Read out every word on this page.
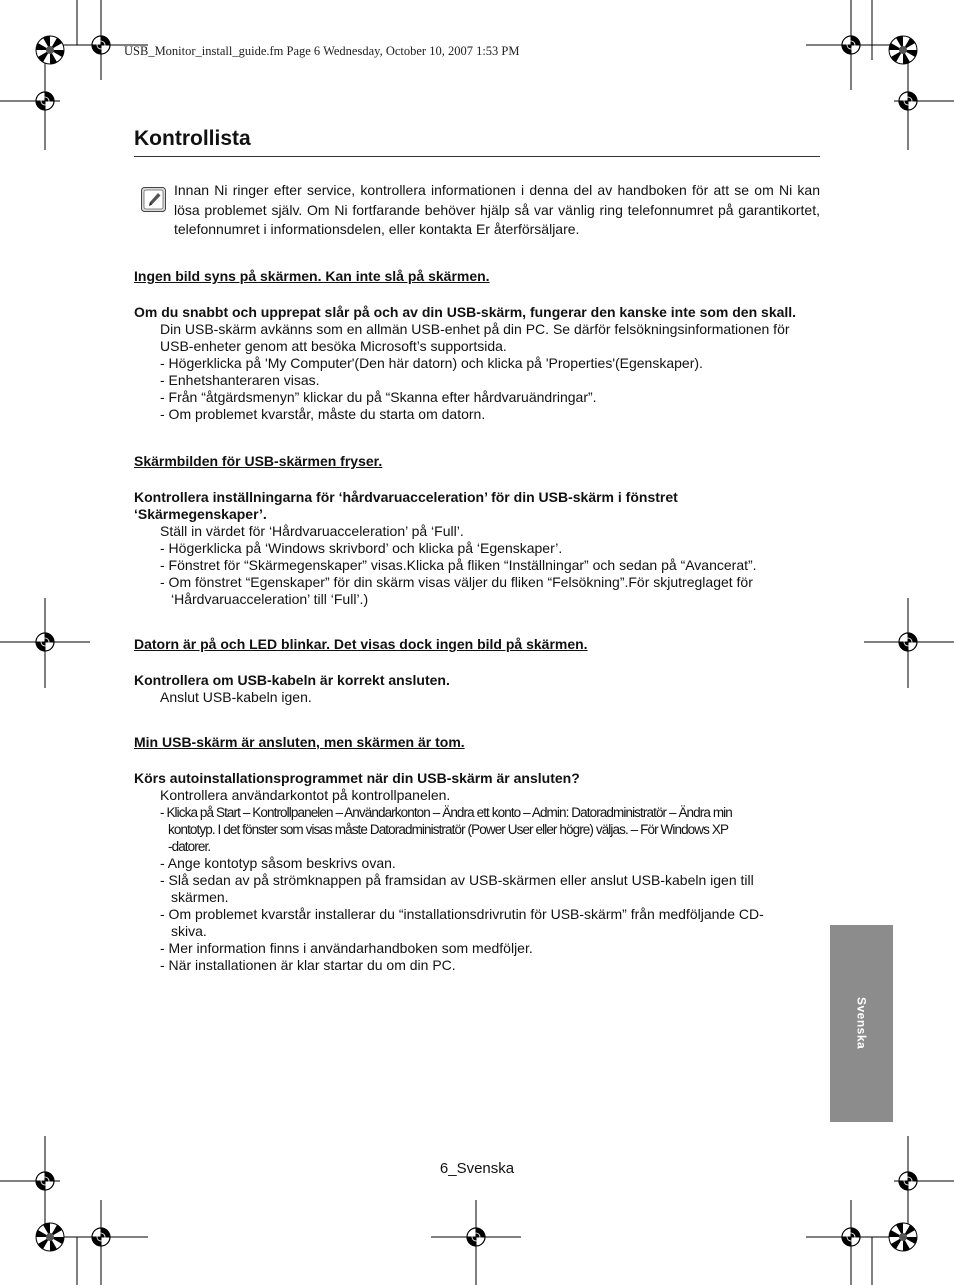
USB_Monitor_install_guide.fm Page 6 Wednesday, October 10, 2007 1:53 PM
Kontrollista

Innan Ni ringer efter service, kontrollera informationen i denna del av handboken för att se om Ni kan lösa problemet själv. Om Ni fortfarande behöver hjälp så var vänlig ring telefonnumret på garantikortet, telefonnumret i informationsdelen, eller kontakta Er återförsäljare.

Ingen bild syns på skärmen. Kan inte slå på skärmen.

Om du snabbt och upprepat slår på och av din USB-skärm, fungerar den kanske inte som den skall.

Din USB-skärm avkänns som en allmän USB-enhet på din PC. Se därför felsökningsinformationen för USB-enheter genom att besöka Microsoft’s supportsida.

- Högerklicka på 'My Computer'(Den här datorn) och klicka på 'Properties'(Egenskaper).

- Enhetshanteraren visas.

- Från “åtgärdsmenyn” klickar du på “Skanna efter hårdvaruändringar”.

- Om problemet kvarstår, måste du starta om datorn.

Skärmbilden för USB-skärmen fryser.

Kontrollera inställningarna för ‘hårdvaruacceleration’ för din USB-skärm i fönstret ‘Skärmegenskaper’.

Ställ in värdet för ‘Hårdvaruacceleration’ på ‘Full’.

- Högerklicka på ‘Windows skrivbord’ och klicka på ‘Egenskaper’.

- Fönstret för “Skärmegenskaper” visas.Klicka på fliken “Inställningar” och sedan på “Avancerat”.

- Om fönstret “Egenskaper” för din skärm visas väljer du fliken “Felsökning”.För skjutreglaget för

‘Hårdvaruacceleration’ till ‘Full’.)

Datorn är på och LED blinkar. Det visas dock ingen bild på skärmen.

Kontrollera om USB-kabeln är korrekt ansluten.

Anslut USB-kabeln igen.

Min USB-skärm är ansluten, men skärmen är tom.

Körs autoinstallationsprogrammet när din USB-skärm är ansluten?

Kontrollera användarkontot på kontrollpanelen.

- Klicka på Start – Kontrollpanelen – Användarkonton – Ändra ett konto – Admin: Datoradministratör – Ändra min

kontotyp. I det fönster som visas måste Datoradministratör (Power User eller högre) väljas. – För Windows XP

-datorer.

- Ange kontotyp såsom beskrivs ovan.

- Slå sedan av på strömknappen på framsidan av USB-skärmen eller anslut USB-kabeln igen till

skärmen.

- Om problemet kvarstår installerar du “installationsdrivrutin för USB-skärm” från medföljande CD-

skiva.

- Mer information finns i användarhandboken som medföljer.

- När installationen är klar startar du om din PC.

Svenska
6_Svenska
